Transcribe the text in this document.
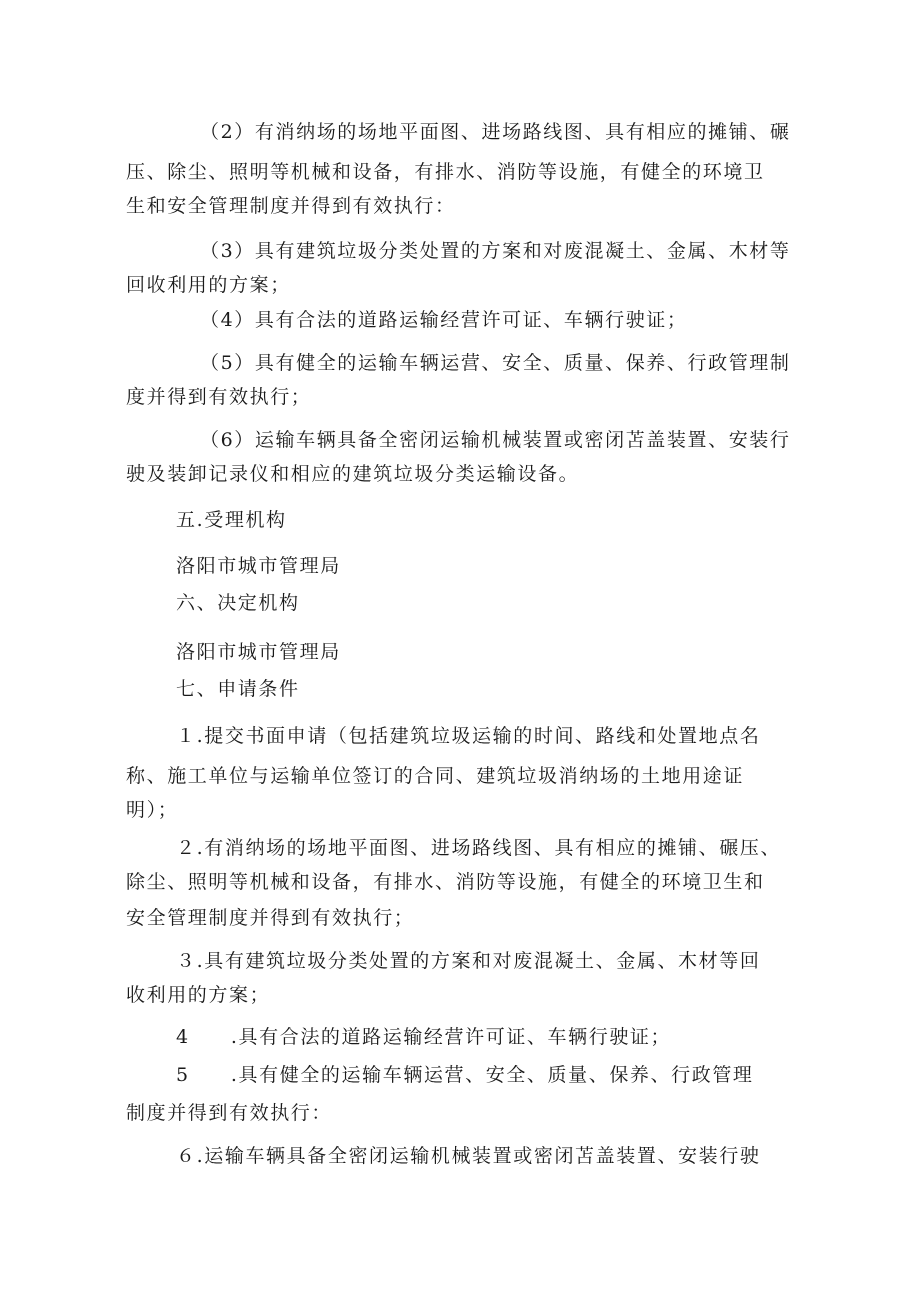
（2）有消纳场的场地平面图、进场路线图、具有相应的摊铺、碾
压、除尘、照明等机械和设备，有排水、消防等设施，有健全的环境卫
生和安全管理制度并得到有效执行：
（3）具有建筑垃圾分类处置的方案和对废混凝土、金属、木材等
回收利用的方案；
（4）具有合法的道路运输经营许可证、车辆行驶证；
（5）具有健全的运输车辆运营、安全、质量、保养、行政管理制
度并得到有效执行；
（6）运输车辆具备全密闭运输机械装置或密闭苫盖装置、安装行
驶及装卸记录仪和相应的建筑垃圾分类运输设备。
五.受理机构
洛阳市城市管理局
六、决定机构
洛阳市城市管理局
七、申请条件
１.提交书面申请（包括建筑垃圾运输的时间、路线和处置地点名
称、施工单位与运输单位签订的合同、建筑垃圾消纳场的土地用途证
明）；
２.有消纳场的场地平面图、进场路线图、具有相应的摊铺、碾压、
除尘、照明等机械和设备，有排水、消防等设施，有健全的环境卫生和
安全管理制度并得到有效执行；
３.具有建筑垃圾分类处置的方案和对废混凝土、金属、木材等回
收利用的方案；
4　　.具有合法的道路运输经营许可证、车辆行驶证；
5　　.具有健全的运输车辆运营、安全、质量、保养、行政管理
制度并得到有效执行：
６.运输车辆具备全密闭运输机械装置或密闭苫盖装置、安装行驶
